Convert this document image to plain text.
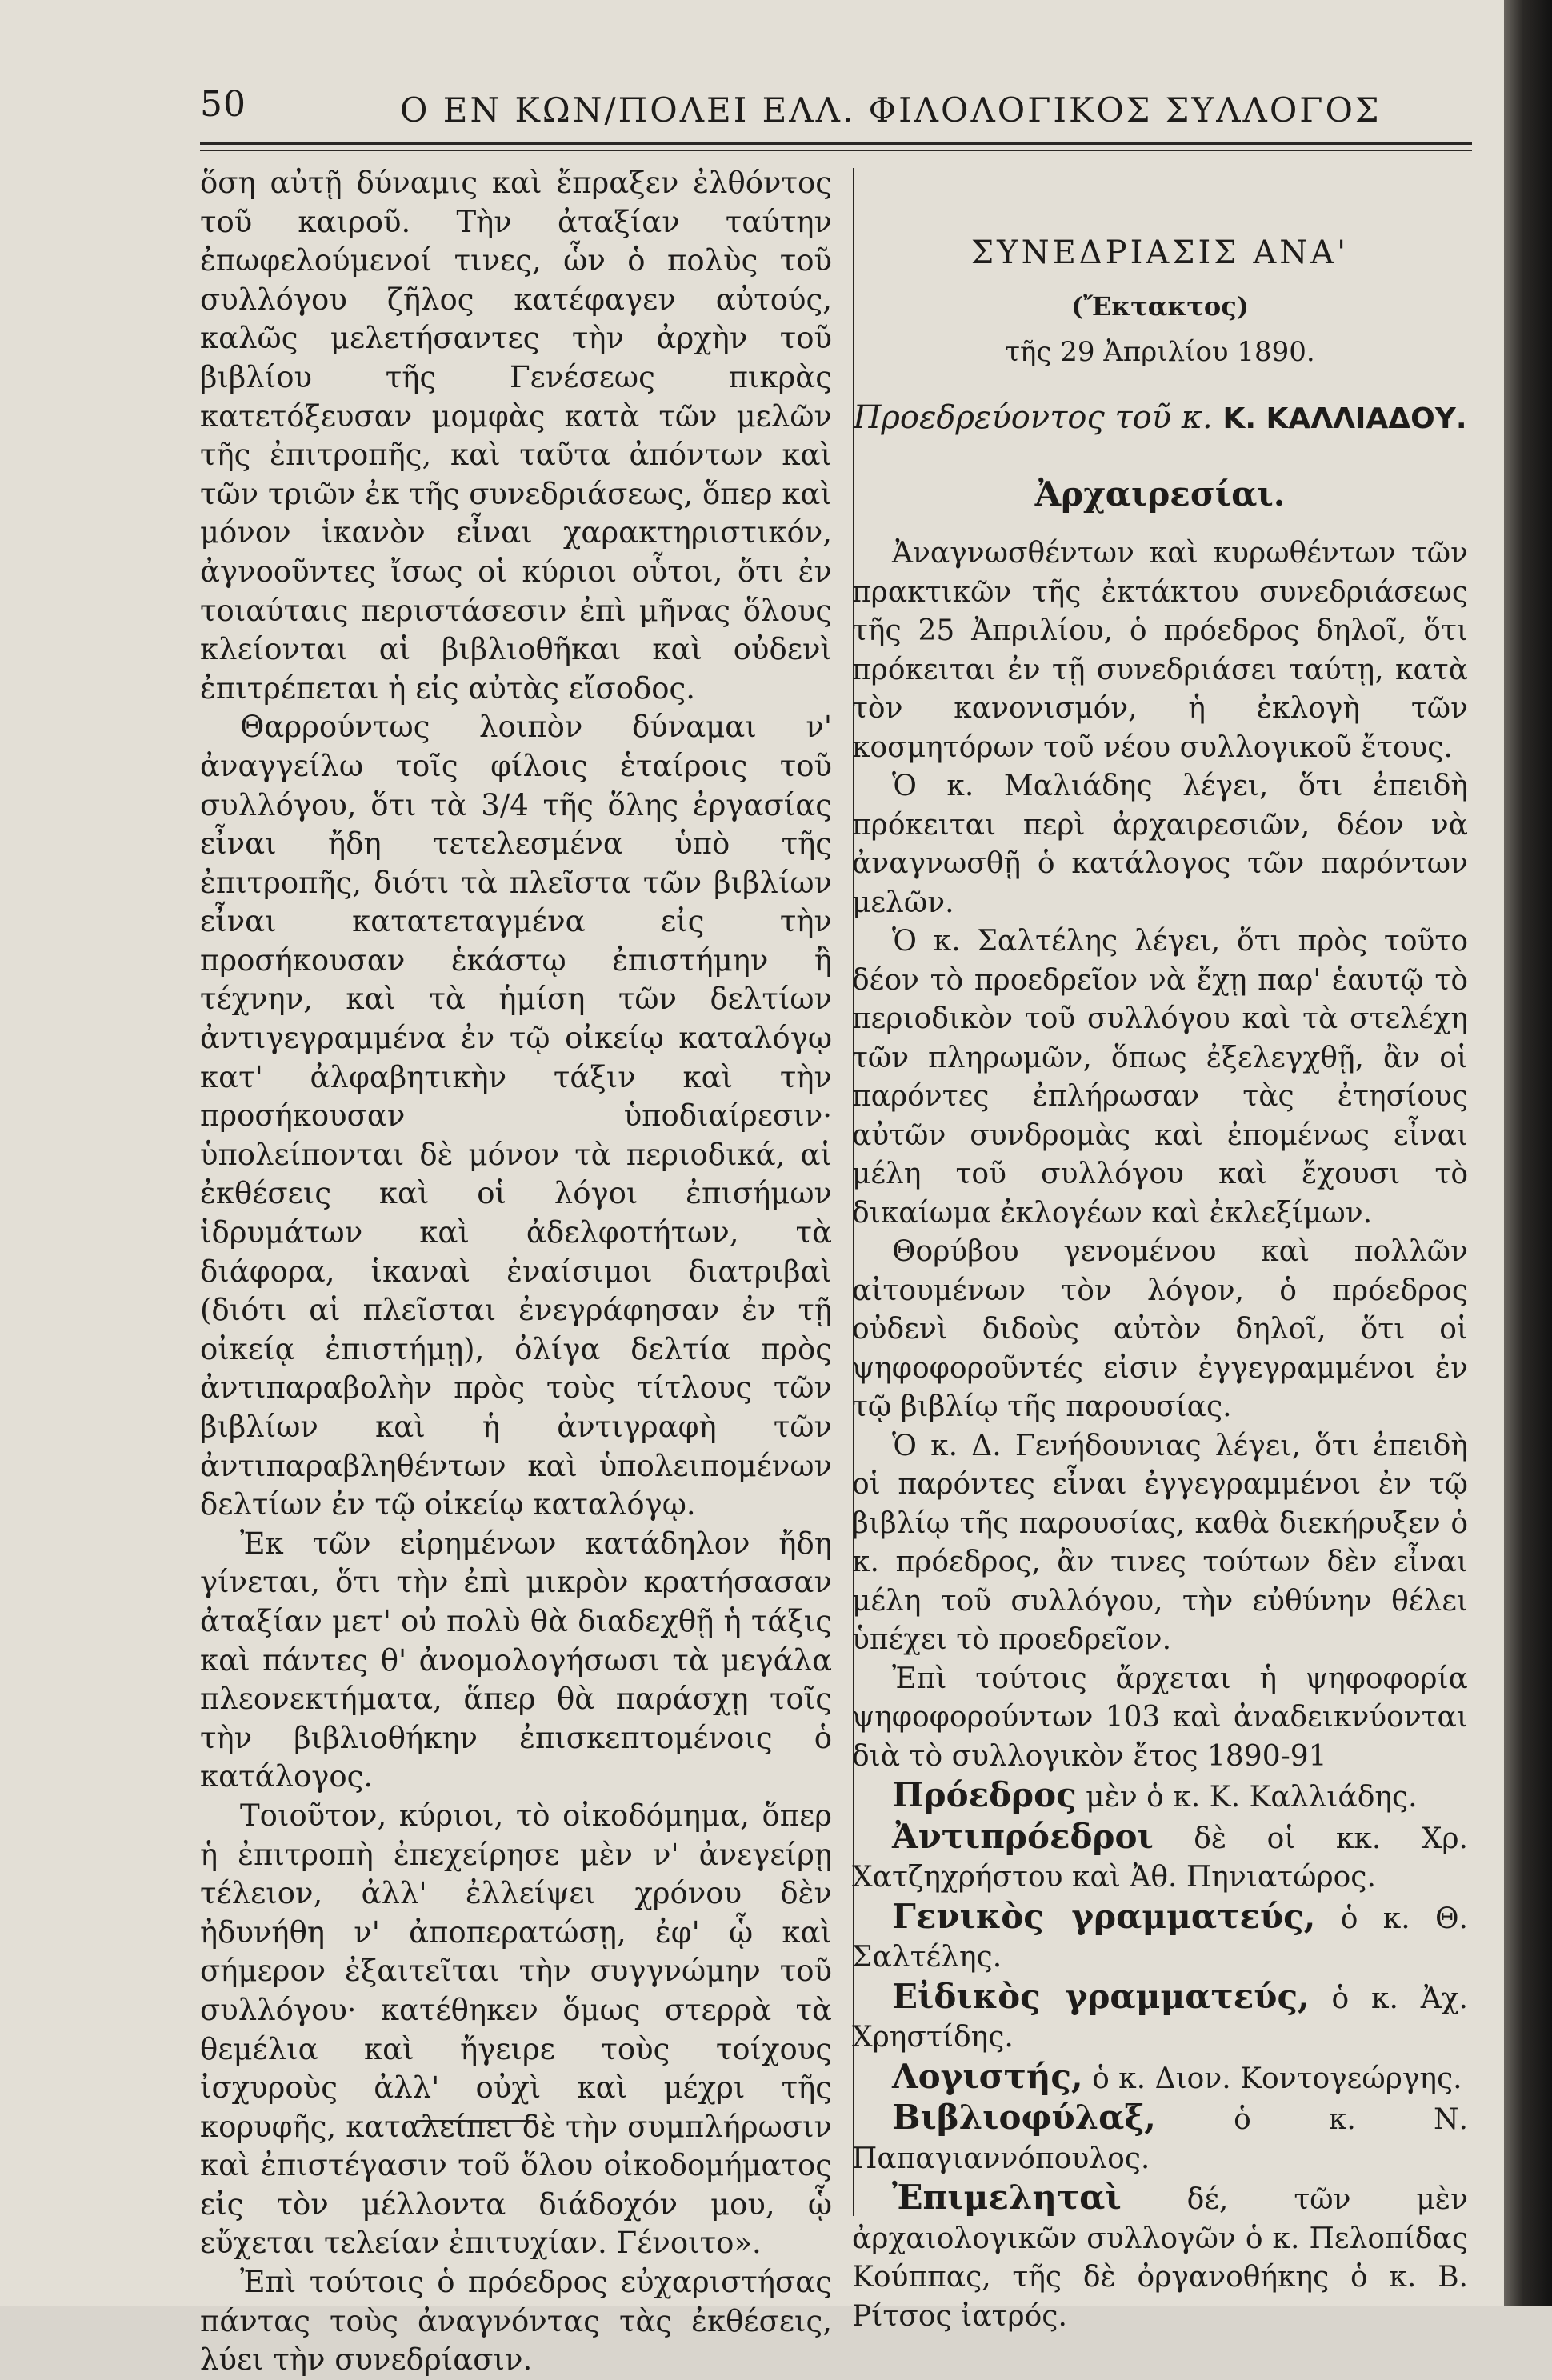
50	Ο ΕΝ ΚΩΝ/ΠΟΛΕΙ ΕΛΛ. ΦΙΛΟΛΟΓΙΚΟΣ ΣΥΛΛΟΓΟΣ

ὅση αὐτῇ δύναμις καὶ ἔπραξεν ἐλθόντος τοῦ καιροῦ. Τὴν ἀταξίαν ταύτην ἐπωφελούμενοί τινες, ὧν ὁ πολὺς τοῦ συλλόγου ζῆλος κατέφαγεν αὐτούς, καλῶς μελετήσαντες τὴν ἀρχὴν τοῦ βιβλίου τῆς Γενέσεως πικρὰς κατετόξευσαν μομφὰς κατὰ τῶν μελῶν τῆς ἐπιτροπῆς, καὶ ταῦτα ἀπόντων καὶ τῶν τριῶν ἐκ τῆς συνεδριάσεως, ὅπερ καὶ μόνον ἱκανὸν εἶναι χαρακτηριστικόν, ἀγνοοῦντες ἴσως οἱ κύριοι οὗτοι, ὅτι ἐν τοιαύταις περιστάσεσιν ἐπὶ μῆνας ὅλους κλείονται αἱ βιβλιοθῆκαι καὶ οὐδενὶ ἐπιτρέπεται ἡ εἰς αὐτὰς εἴσοδος.

Θαρρούντως λοιπὸν δύναμαι ν' ἀναγγείλω τοῖς φίλοις ἑταίροις τοῦ συλλόγου, ὅτι τὰ 3/4 τῆς ὅλης ἐργασίας εἶναι ἤδη τετελεσμένα ὑπὸ τῆς ἐπιτροπῆς, διότι τὰ πλεῖστα τῶν βιβλίων εἶναι κατατεταγμένα εἰς τὴν προσήκουσαν ἑκάστῳ ἐπιστήμην ἢ τέχνην, καὶ τὰ ἡμίση τῶν δελτίων ἀντιγεγραμμένα ἐν τῷ οἰκείῳ καταλόγῳ κατ' ἀλφαβητικὴν τάξιν καὶ τὴν προσήκουσαν ὑποδιαίρεσιν· ὑπολείπονται δὲ μόνον τὰ περιοδικά, αἱ ἐκθέσεις καὶ οἱ λόγοι ἐπισήμων ἱδρυμάτων καὶ ἀδελφοτήτων, τὰ διάφορα, ἱκαναὶ ἐναίσιμοι διατριβαὶ (διότι αἱ πλεῖσται ἐνεγράφησαν ἐν τῇ οἰκείᾳ ἐπιστήμῃ), ὀλίγα δελτία πρὸς ἀντιπαραβολὴν πρὸς τοὺς τίτλους τῶν βιβλίων καὶ ἡ ἀντιγραφὴ τῶν ἀντιπαραβληθέντων καὶ ὑπολειπομένων δελτίων ἐν τῷ οἰκείῳ καταλόγῳ.

Ἐκ τῶν εἰρημένων κατάδηλον ἤδη γίνεται, ὅτι τὴν ἐπὶ μικρὸν κρατήσασαν ἀταξίαν μετ' οὐ πολὺ θὰ διαδεχθῇ ἡ τάξις καὶ πάντες θ' ἀνομολογήσωσι τὰ μεγάλα πλεονεκτήματα, ἅπερ θὰ παράσχῃ τοῖς τὴν βιβλιοθήκην ἐπισκεπτομένοις ὁ κατάλογος.

Τοιοῦτον, κύριοι, τὸ οἰκοδόμημα, ὅπερ ἡ ἐπιτροπὴ ἐπεχείρησε μὲν ν' ἀνεγείρῃ τέλειον, ἀλλ' ἐλλείψει χρόνου δὲν ἠδυνήθη ν' ἀποπερατώσῃ, ἐφ' ᾧ καὶ σήμερον ἐξαιτεῖται τὴν συγγνώμην τοῦ συλλόγου· κατέθηκεν ὅμως στερρὰ τὰ θεμέλια καὶ ἤγειρε τοὺς τοίχους ἰσχυροὺς ἀλλ' οὐχὶ καὶ μέχρι τῆς κορυφῆς, καταλείπει δὲ τὴν συμπλήρωσιν καὶ ἐπιστέγασιν τοῦ ὅλου οἰκοδομήματος εἰς τὸν μέλλοντα διάδοχόν μου, ᾧ εὔχεται τελείαν ἐπιτυχίαν. Γένοιτο».

Ἐπὶ τούτοις ὁ πρόεδρος εὐχαριστήσας πάντας τοὺς ἀναγνόντας τὰς ἐκθέσεις, λύει τὴν συνεδρίασιν.

ΣΥΝΕΔΡΙΑΣΙΣ ΑΝΑ'
(Ἔκτακτος)
τῆς 29 Ἀπριλίου 1890.
Προεδρεύοντος τοῦ κ. Κ. ΚΑΛΛΙΑΔΟΥ.
Ἀρχαιρεσίαι.

Ἀναγνωσθέντων καὶ κυρωθέντων τῶν πρακτικῶν τῆς ἐκτάκτου συνεδριάσεως τῆς 25 Ἀπριλίου, ὁ πρόεδρος δηλοῖ, ὅτι πρόκειται ἐν τῇ συνεδριάσει ταύτῃ, κατὰ τὸν κανονισμόν, ἡ ἐκλογὴ τῶν κοσμητόρων τοῦ νέου συλλογικοῦ ἔτους.

Ὁ κ. Μαλιάδης λέγει, ὅτι ἐπειδὴ πρόκειται περὶ ἀρχαιρεσιῶν, δέον νὰ ἀναγνωσθῇ ὁ κατάλογος τῶν παρόντων μελῶν.

Ὁ κ. Σαλτέλης λέγει, ὅτι πρὸς τοῦτο δέον τὸ προεδρεῖον νὰ ἔχῃ παρ' ἑαυτῷ τὸ περιοδικὸν τοῦ συλλόγου καὶ τὰ στελέχη τῶν πληρωμῶν, ὅπως ἐξελεγχθῇ, ἂν οἱ παρόντες ἐπλήρωσαν τὰς ἐτησίους αὐτῶν συνδρομὰς καὶ ἐπομένως εἶναι μέλη τοῦ συλλόγου καὶ ἔχουσι τὸ δικαίωμα ἐκλογέων καὶ ἐκλεξίμων.

Θορύβου γενομένου καὶ πολλῶν αἰτουμένων τὸν λόγον, ὁ πρόεδρος οὐδενὶ διδοὺς αὐτὸν δηλοῖ, ὅτι οἱ ψηφοφοροῦντές εἰσιν ἐγγεγραμμένοι ἐν τῷ βιβλίῳ τῆς παρουσίας.

Ὁ κ. Δ. Γενήδουνιας λέγει, ὅτι ἐπειδὴ οἱ παρόντες εἶναι ἐγγεγραμμένοι ἐν τῷ βιβλίῳ τῆς παρουσίας, καθὰ διεκήρυξεν ὁ κ. πρόεδρος, ἂν τινες τούτων δὲν εἶναι μέλη τοῦ συλλόγου, τὴν εὐθύνην θέλει ὑπέχει τὸ προεδρεῖον.

Ἐπὶ τούτοις ἄρχεται ἡ ψηφοφορία ψηφοφορούντων 103 καὶ ἀναδεικνύονται διὰ τὸ συλλογικὸν ἔτος 1890-91

Πρόεδρος μὲν ὁ κ. Κ. Καλλιάδης.

Ἀντιπρόεδροι δὲ οἱ κκ. Χρ. Χατζηχρήστου καὶ Ἀθ. Πηνιατώρος.

Γενικὸς γραμματεύς, ὁ κ. Θ. Σαλτέλης.

Εἰδικὸς γραμματεύς, ὁ κ. Ἀχ. Χρηστίδης.

Λογιστής, ὁ κ. Διον. Κοντογεώργης.

Βιβλιοφύλαξ,	ὁ κ. Ν. Παπαγιαννόπουλος.

Ἐπιμεληταὶ δέ, τῶν μὲν ἀρχαιολογικῶν συλλογῶν ὁ κ. Πελοπίδας Κούππας, τῆς δὲ ὀργανοθήκης ὁ κ. Β. Ρίτσος ἰατρός.
